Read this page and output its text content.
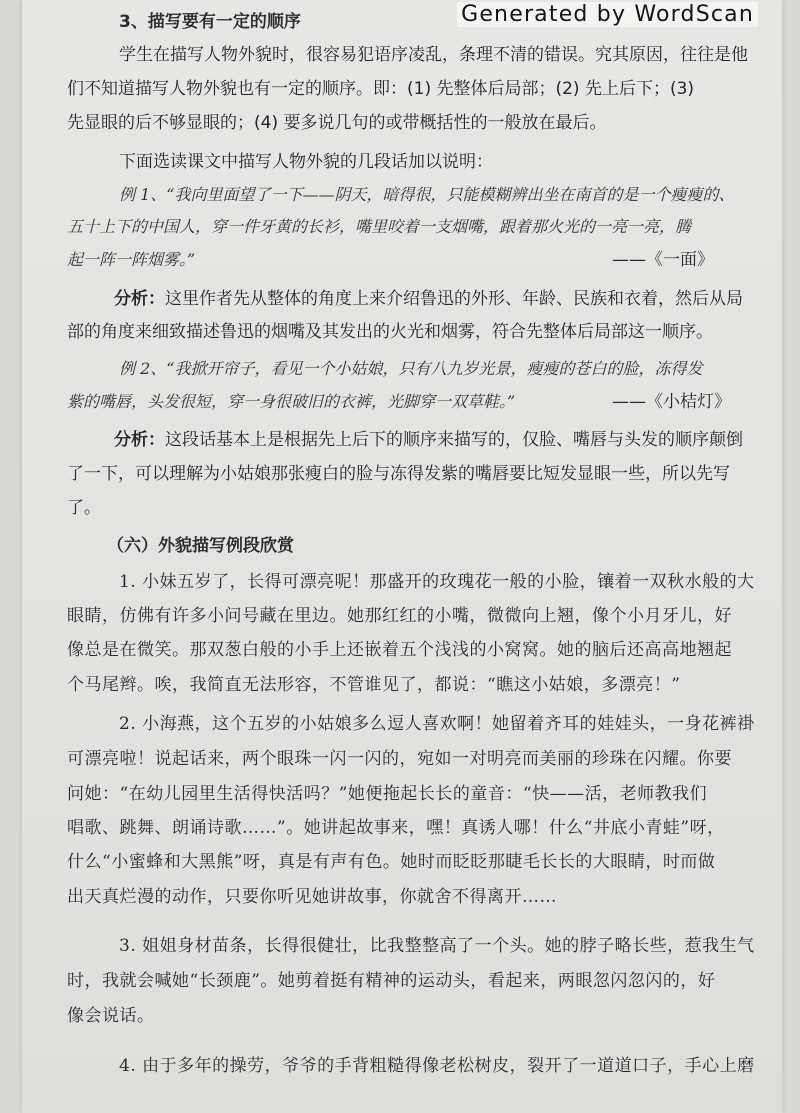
Generated by WordScan
3、描写要有一定的顺序
学生在描写人物外貌时，很容易犯语序凌乱，条理不清的错误。究其原因，往往是他
们不知道描写人物外貌也有一定的顺序。即：(1) 先整体后局部；(2) 先上后下；(3)
先显眼的后不够显眼的；(4) 要多说几句的或带概括性的一般放在最后。
下面选读课文中描写人物外貌的几段话加以说明：
例 1、“我向里面望了一下——阴天，暗得很，只能模糊辨出坐在南首的是一个瘦瘦的、
五十上下的中国人，穿一件牙黄的长衫，嘴里咬着一支烟嘴，跟着那火光的一亮一亮，腾
起一阵一阵烟雾。”	——《一面》
分析：这里作者先从整体的角度上来介绍鲁迅的外形、年龄、民族和衣着，然后从局
部的角度来细致描述鲁迅的烟嘴及其发出的火光和烟雾，符合先整体后局部这一顺序。
例 2、“我掀开帘子，看见一个小姑娘，只有八九岁光景，瘦瘦的苍白的脸，冻得发
紫的嘴唇，头发很短，穿一身很破旧的衣裤，光脚穿一双草鞋。”	——《小桔灯》
分析：这段话基本上是根据先上后下的顺序来描写的，仅脸、嘴唇与头发的顺序颠倒
了一下，可以理解为小姑娘那张瘦白的脸与冻得发紫的嘴唇要比短发显眼一些，所以先写
了。
（六）外貌描写例段欣赏
1. 小妹五岁了，长得可漂亮呢！那盛开的玫瑰花一般的小脸，镶着一双秋水般的大
眼睛，仿佛有许多小问号藏在里边。她那红红的小嘴，微微向上翘，像个小月牙儿，好
像总是在微笑。那双葱白般的小手上还嵌着五个浅浅的小窝窝。她的脑后还高高地翘起
个马尾辫。唉，我简直无法形容，不管谁见了，都说：“瞧这小姑娘，多漂亮！”
2. 小海燕，这个五岁的小姑娘多么逗人喜欢啊！她留着齐耳的娃娃头，一身花裤褂
可漂亮啦！说起话来，两个眼珠一闪一闪的，宛如一对明亮而美丽的珍珠在闪耀。你要
问她：“在幼儿园里生活得快活吗？”她便拖起长长的童音：“快——活，老师教我们
唱歌、跳舞、朗诵诗歌……”。她讲起故事来，嘿！真诱人哪！什么“井底小青蛙”呀，
什么“小蜜蜂和大黑熊”呀，真是有声有色。她时而眨眨那睫毛长长的大眼睛，时而做
出天真烂漫的动作，只要你听见她讲故事，你就舍不得离开……
3. 姐姐身材苗条，长得很健壮，比我整整高了一个头。她的脖子略长些，惹我生气
时，我就会喊她“长颈鹿”。她剪着挺有精神的运动头，看起来，两眼忽闪忽闪的，好
像会说话。
4. 由于多年的操劳，爷爷的手背粗糙得像老松树皮，裂开了一道道口子，手心上磨
